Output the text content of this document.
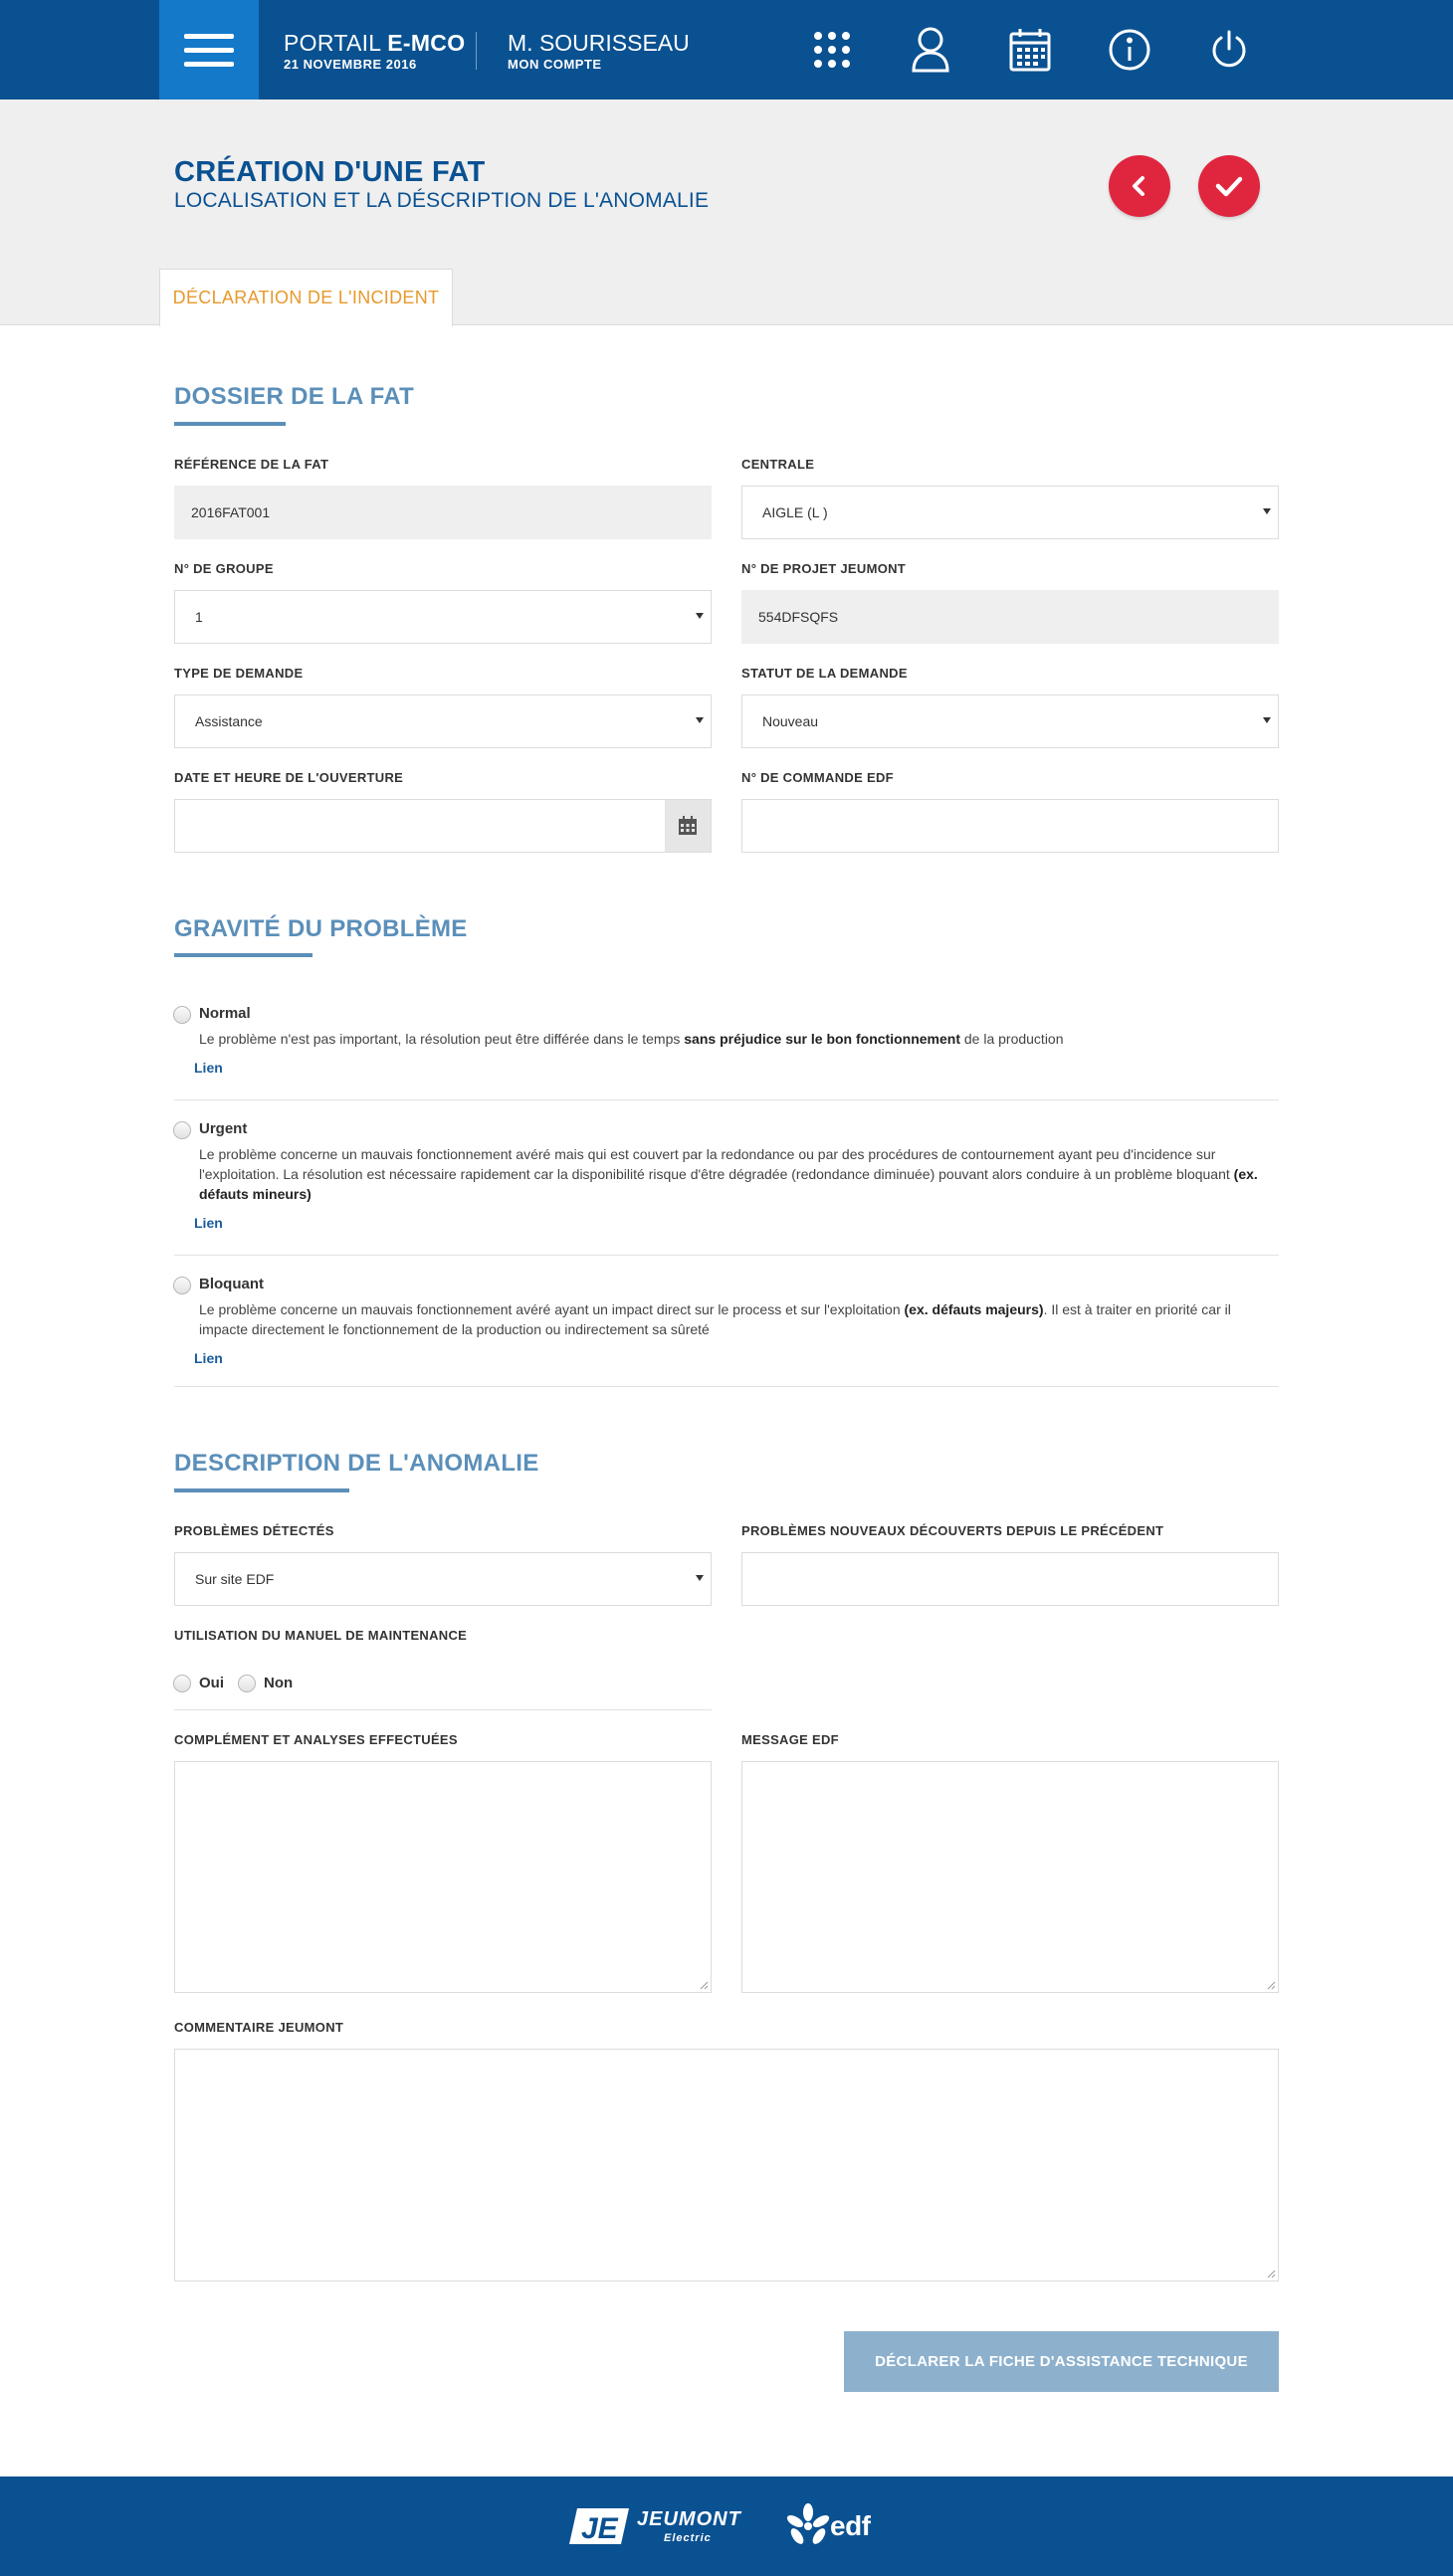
PORTAIL E-MCO
21 NOVEMBRE 2016
M. SOURISSEAU
MON COMPTE
CRÉATION D'UNE FAT
LOCALISATION ET LA DÉSCRIPTION DE L'ANOMALIE
DÉCLARATION DE L'INCIDENT
DOSSIER DE LA FAT
RÉFÉRENCE DE LA FAT
2016FAT001
CENTRALE
AIGLE (L )
N° DE GROUPE
1
N° DE PROJET JEUMONT
554DFSQFS
TYPE DE DEMANDE
Assistance
STATUT DE LA DEMANDE
Nouveau
DATE ET HEURE DE L'OUVERTURE	N° DE COMMANDE EDF
GRAVITÉ DU PROBLÈME
Normal
Le problème n'est pas important, la résolution peut être différée dans le temps sans préjudice sur le bon fonctionnement de la production
Lien
Urgent
Le problème concerne un mauvais fonctionnement avéré mais qui est couvert par la redondance ou par des procédures de contournement ayant peu d'incidence sur l'exploitation. La résolution est nécessaire rapidement car la disponibilité risque d'être dégradée (redondance diminuée) pouvant alors conduire à un problème bloquant (ex. défauts mineurs)
Lien
Bloquant
Le problème concerne un mauvais fonctionnement avéré ayant un impact direct sur le process et sur l'exploitation (ex. défauts majeurs). Il est à traiter en priorité car il impacte directement le fonctionnement de la production ou indirectement sa sûreté
Lien
DESCRIPTION DE L'ANOMALIE
PROBLÈMES DÉTECTÉS
Sur site EDF
PROBLÈMES NOUVEAUX DÉCOUVERTS DEPUIS LE PRÉCÉDENT
UTILISATION DU MANUEL DE MAINTENANCE
Oui	Non
COMPLÉMENT ET ANALYSES EFFECTUÉES	MESSAGE EDF
COMMENTAIRE JEUMONT
DÉCLARER LA FICHE D'ASSISTANCE TECHNIQUE
JE JEUMONT
Electric	edf
